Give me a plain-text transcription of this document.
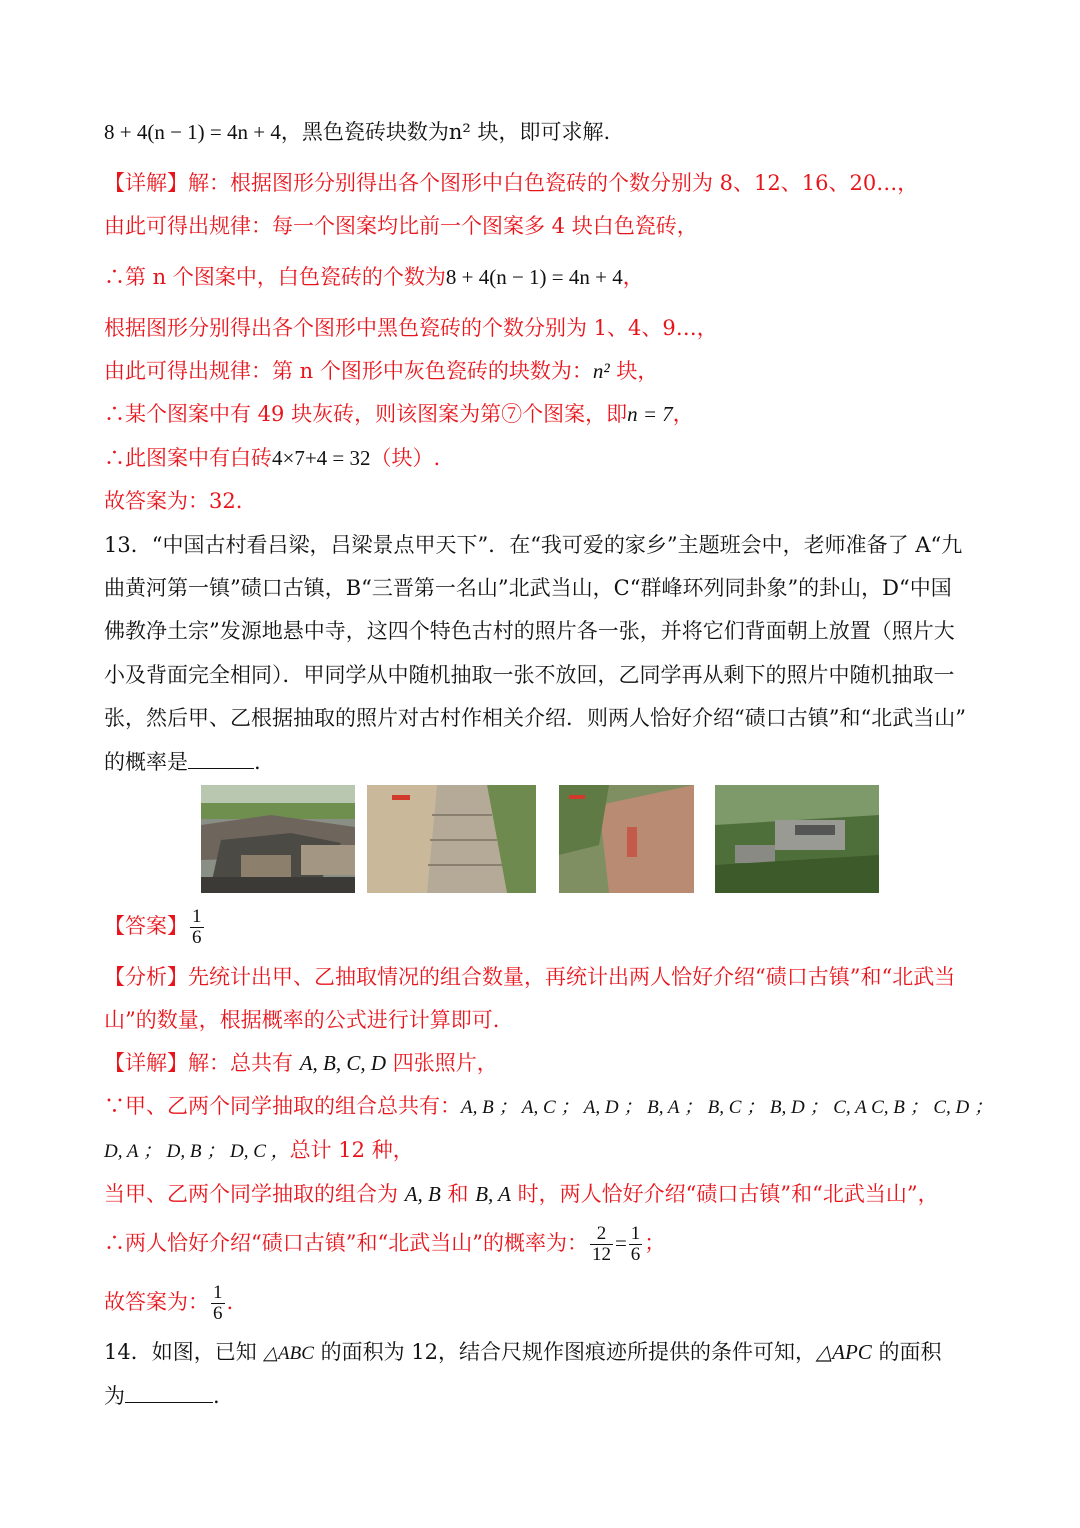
8 + 4(n − 1) = 4n + 4，黑色瓷砖块数为n² 块，即可求解.
【详解】解：根据图形分别得出各个图形中白色瓷砖的个数分别为 8、12、16、20…，
由此可得出规律：每一个图案均比前一个图案多 4 块白色瓷砖，
∴第 n 个图案中，白色瓷砖的个数为8 + 4(n − 1) = 4n + 4，
根据图形分别得出各个图形中黑色瓷砖的个数分别为 1、4、9…，
由此可得出规律：第 n 个图形中灰色瓷砖的块数为：n² 块，
∴某个图案中有 49 块灰砖，则该图案为第⑦个图案，即n = 7，
∴此图案中有白砖4×7+4 = 32（块）.
故答案为：32.
13．“中国古村看吕梁，吕梁景点甲天下”．在“我可爱的家乡”主题班会中，老师准备了 A“九
曲黄河第一镇”碛口古镇，B“三晋第一名山”北武当山，C“群峰环列同卦象”的卦山，D“中国
佛教净土宗”发源地悬中寺，这四个特色古村的照片各一张，并将它们背面朝上放置（照片大
小及背面完全相同）．甲同学从中随机抽取一张不放回，乙同学再从剩下的照片中随机抽取一
张，然后甲、乙根据抽取的照片对古村作相关介绍．则两人恰好介绍“碛口古镇”和“北武当山”
的概率是	.
【答案】 $\frac{1}{6}$
【分析】先统计出甲、乙抽取情况的组合数量，再统计出两人恰好介绍“碛口古镇”和“北武当
山”的数量，根据概率的公式进行计算即可.
【详解】解：总共有 A, B, C, D 四张照片，
∵甲、乙两个同学抽取的组合总共有：A, B ； A, C ； A, D ； B, A ； B, C ； B, D ； C, A C, B ； C, D ；
D, A ； D, B ； D, C ，总计 12 种，
当甲、乙两个同学抽取的组合为 A, B 和 B, A 时，两人恰好介绍“碛口古镇”和“北武当山”，
∴两人恰好介绍“碛口古镇”和“北武当山”的概率为： $\frac{2}{12} = \frac{1}{6}$ ；
故答案为： $\frac{1}{6}$ .
14．如图，已知 △ABC 的面积为 12，结合尺规作图痕迹所提供的条件可知，△APC 的面积
为	.
